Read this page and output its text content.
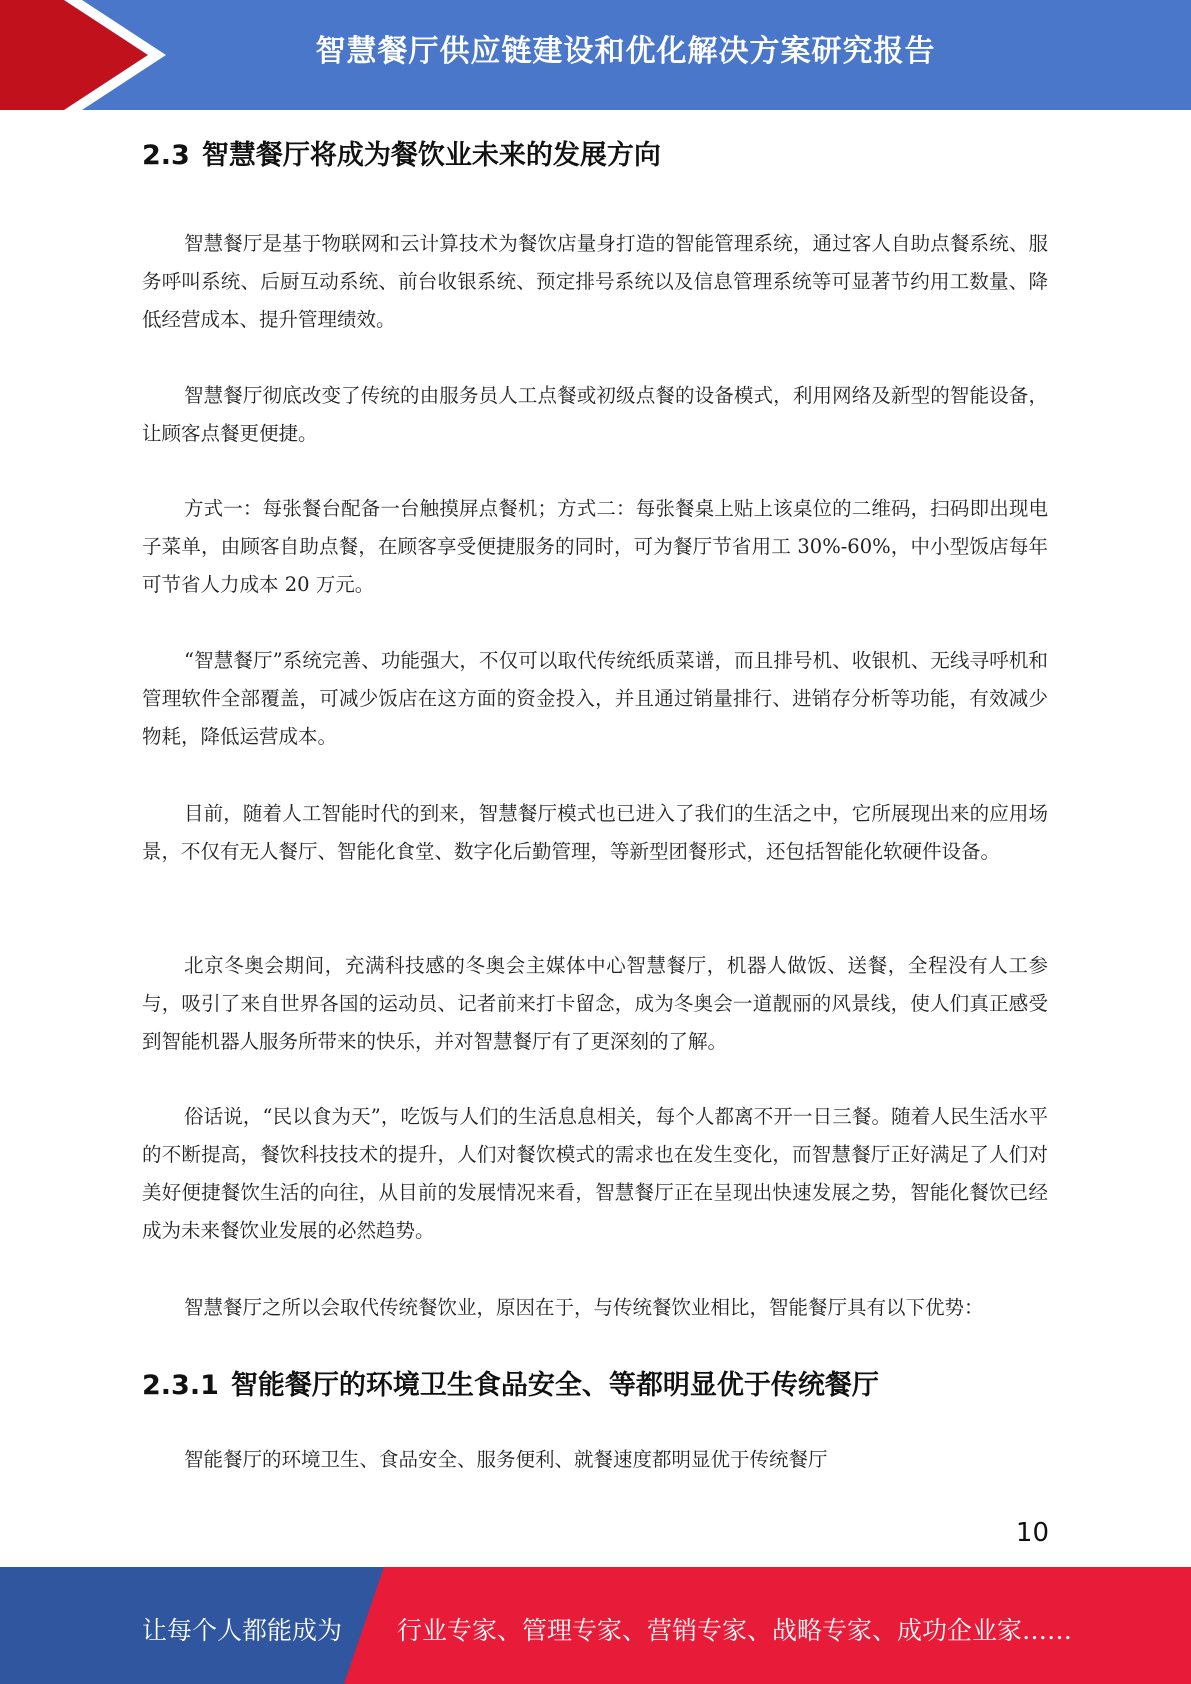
智慧餐厅供应链建设和优化解决方案研究报告
2.3 智慧餐厅将成为餐饮业未来的发展方向

智慧餐厅是基于物联网和云计算技术为餐饮店量身打造的智能管理系统，通过客人自助点餐系统、服务呼叫系统、后厨互动系统、前台收银系统、预定排号系统以及信息管理系统等可显著节约用工数量、降低经营成本、提升管理绩效。

智慧餐厅彻底改变了传统的由服务员人工点餐或初级点餐的设备模式，利用网络及新型的智能设备，让顾客点餐更便捷。

方式一：每张餐台配备一台触摸屏点餐机；方式二：每张餐桌上贴上该桌位的二维码，扫码即出现电子菜单，由顾客自助点餐，在顾客享受便捷服务的同时，可为餐厅节省用工 30%-60%，中小型饭店每年可节省人力成本 20 万元。

“智慧餐厅”系统完善、功能强大，不仅可以取代传统纸质菜谱，而且排号机、收银机、无线寻呼机和管理软件全部覆盖，可减少饭店在这方面的资金投入，并且通过销量排行、进销存分析等功能，有效减少物耗，降低运营成本。

目前，随着人工智能时代的到来，智慧餐厅模式也已进入了我们的生活之中，它所展现出来的应用场景，不仅有无人餐厅、智能化食堂、数字化后勤管理，等新型团餐形式，还包括智能化软硬件设备。

北京冬奥会期间，充满科技感的冬奥会主媒体中心智慧餐厅，机器人做饭、送餐，全程没有人工参与，吸引了来自世界各国的运动员、记者前来打卡留念，成为冬奥会一道靓丽的风景线，使人们真正感受到智能机器人服务所带来的快乐，并对智慧餐厅有了更深刻的了解。

俗话说，“民以食为天”，吃饭与人们的生活息息相关，每个人都离不开一日三餐。随着人民生活水平的不断提高，餐饮科技技术的提升，人们对餐饮模式的需求也在发生变化，而智慧餐厅正好满足了人们对美好便捷餐饮生活的向往，从目前的发展情况来看，智慧餐厅正在呈现出快速发展之势，智能化餐饮已经成为未来餐饮业发展的必然趋势。

智慧餐厅之所以会取代传统餐饮业，原因在于，与传统餐饮业相比，智能餐厅具有以下优势：

2.3.1 智能餐厅的环境卫生食品安全、等都明显优于传统餐厅

智能餐厅的环境卫生、食品安全、服务便利、就餐速度都明显优于传统餐厅

10
让每个人都能成为 行业专家、管理专家、营销专家、战略专家、成功企业家……
